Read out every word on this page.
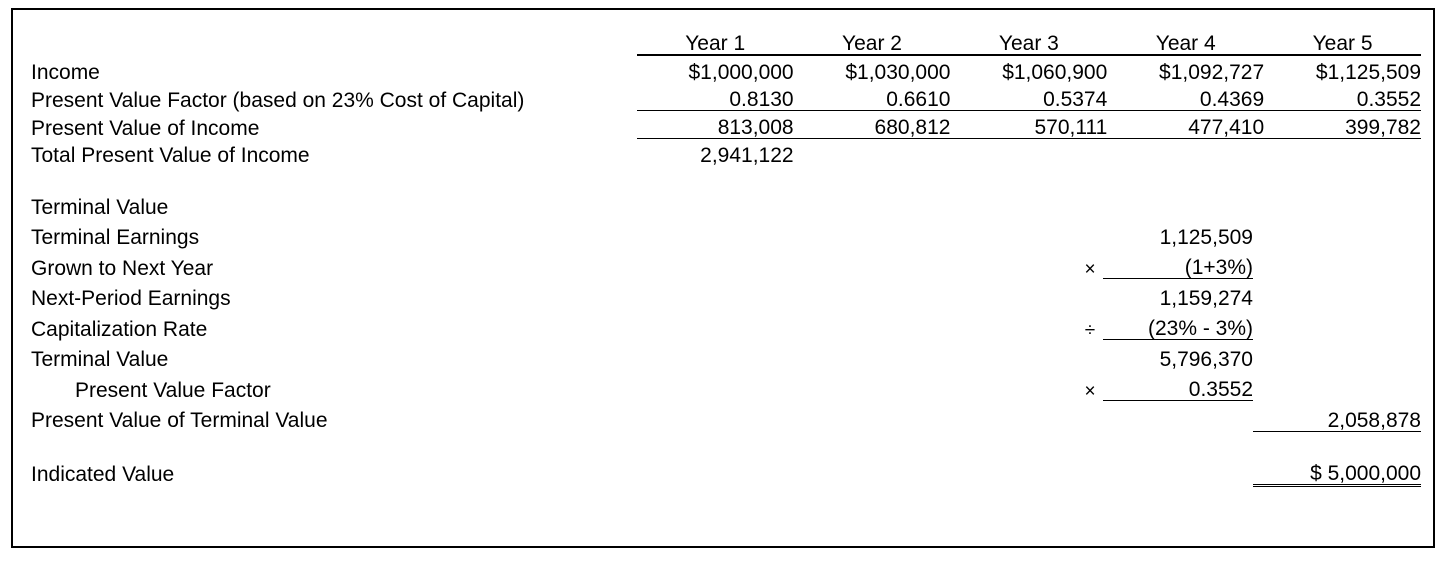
	Year 1	Year 2	Year 3	Year 4	Year 5
Income	$1,000,000	$1,030,000	$1,060,900	$1,092,727	$1,125,509
Present Value Factor (based on 23% Cost of Capital)	0.8130	0.6610	0.5374	0.4369	0.3552
Present Value of Income	813,008	680,812	570,111	477,410	399,782
Total Present Value of Income	2,941,122				

Terminal Value			
Terminal Earnings		1,125,509	
Grown to Next Year	×	(1+3%)	
Next-Period Earnings		1,159,274	
Capitalization Rate	÷	(23% - 3%)	
Terminal Value		5,796,370	
Present Value Factor	×	0.3552	
Present Value of Terminal Value			2,058,878

Indicated Value			$ 5,000,000
